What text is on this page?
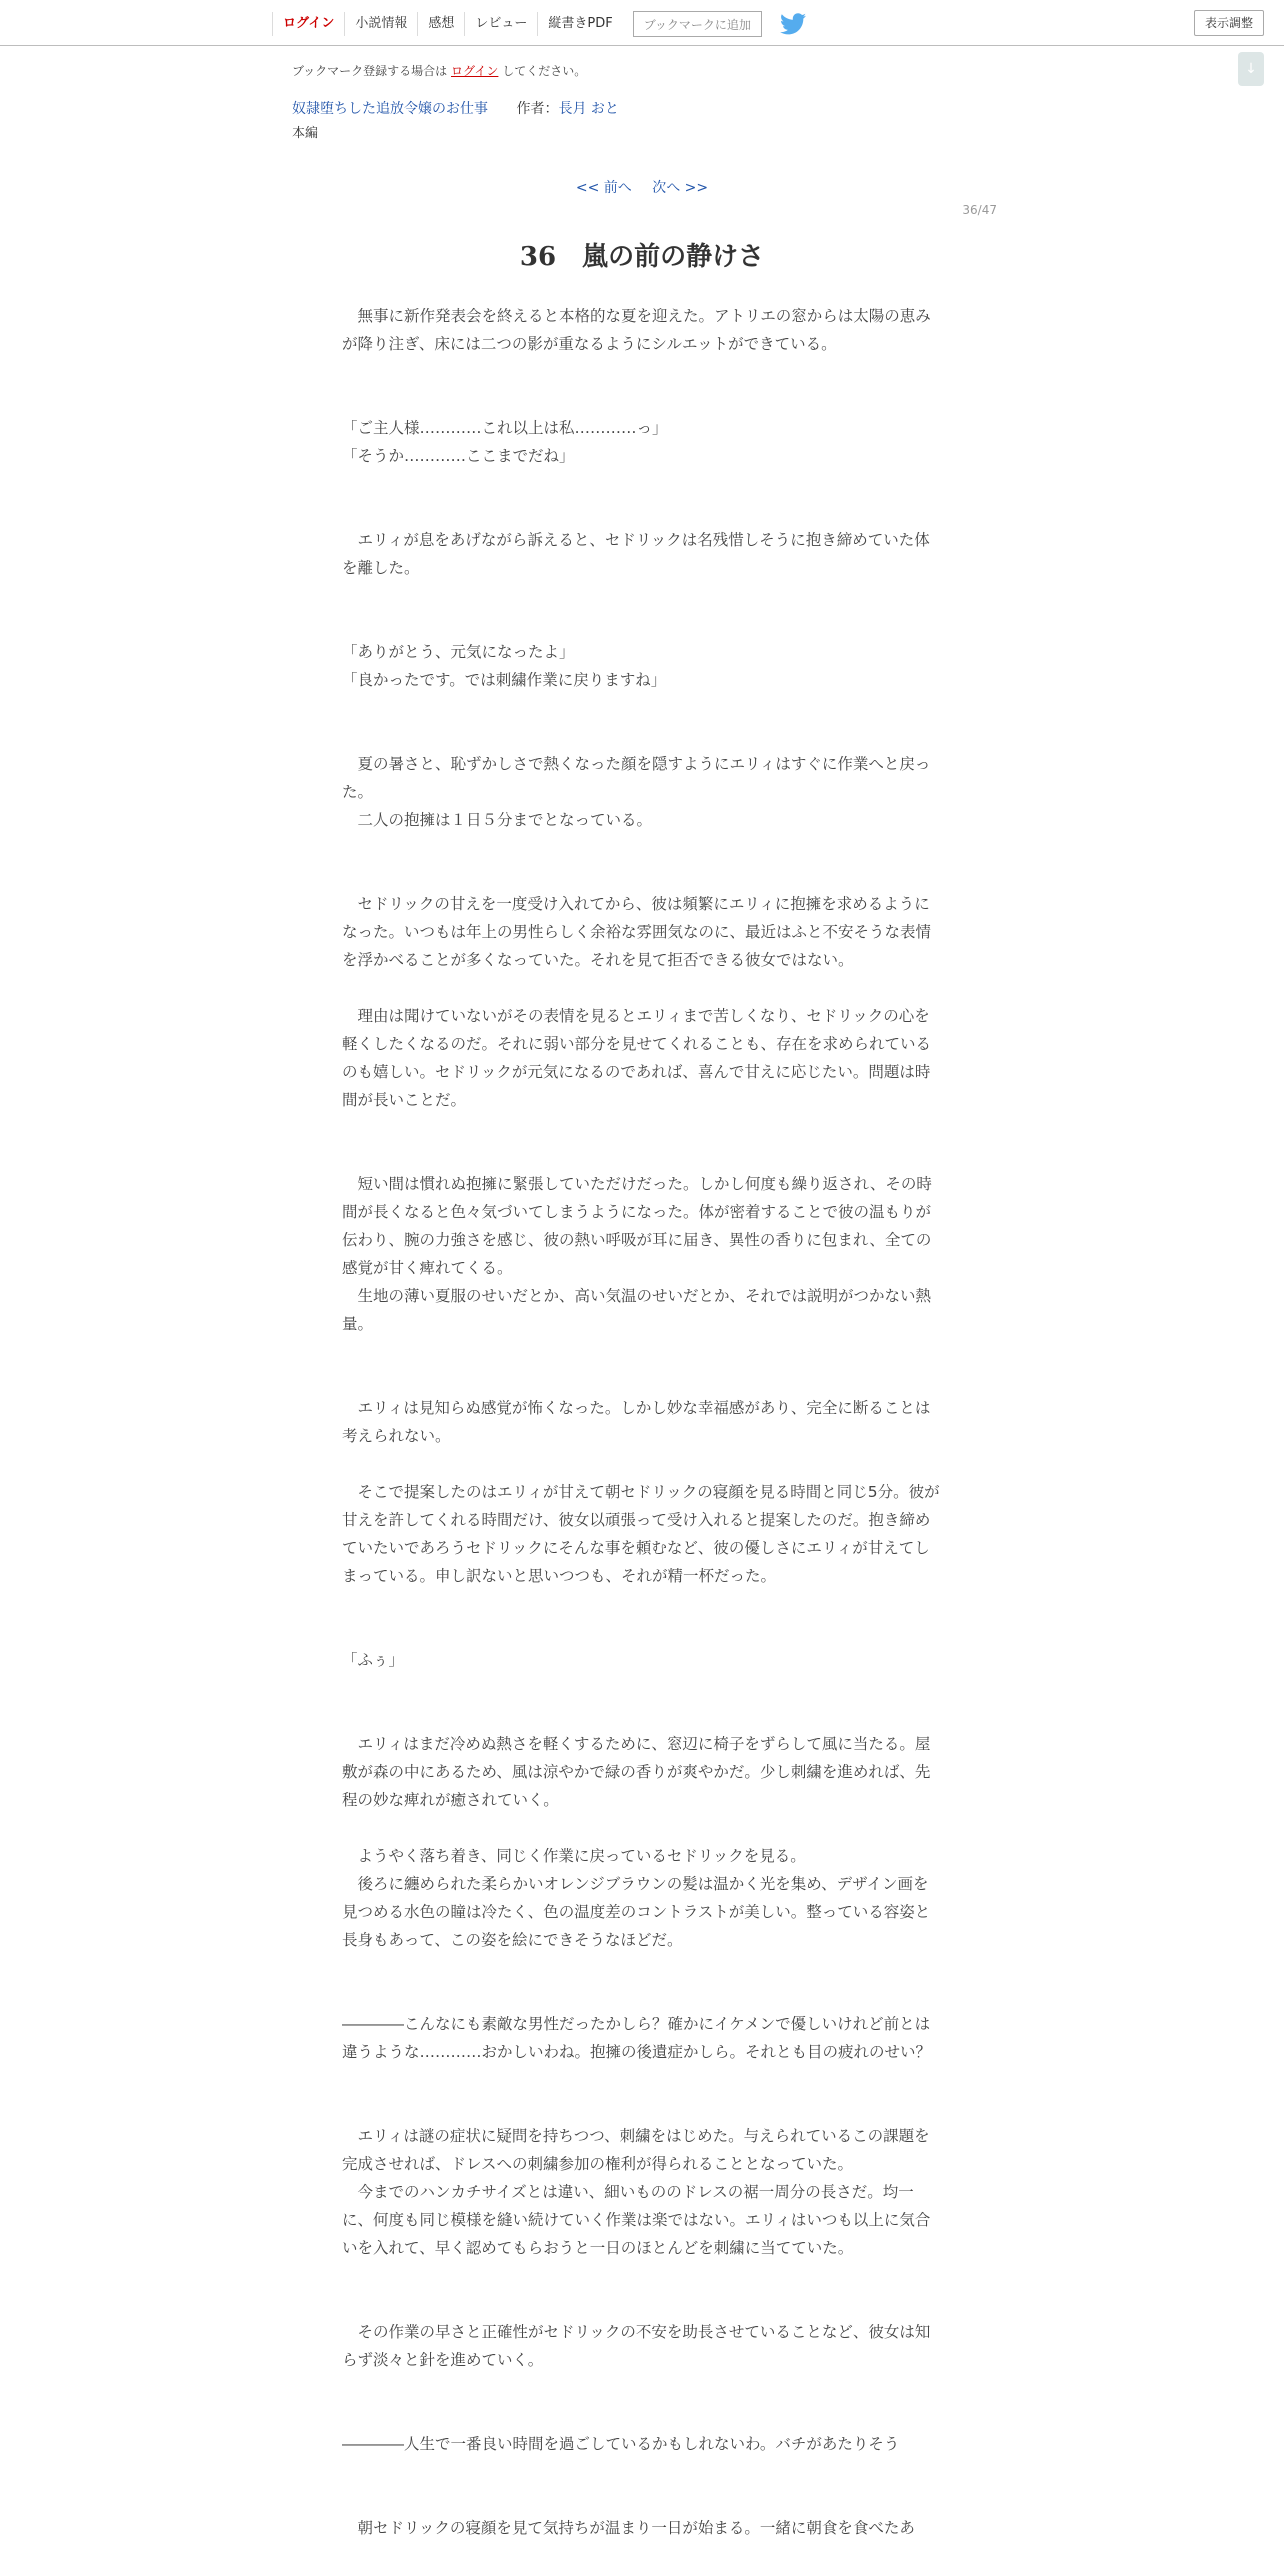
ログイン	小説情報	感想	レビュー	縦書きPDF	ブックマークに追加	表示調整
↓
ブックマーク登録する場合は ログイン してください。
奴隷堕ちした追放令嬢のお仕事 作者：長月 おと
本編
<< 前へ 次へ >>
36/47
36　嵐の前の静けさ

　無事に新作発表会を終えると本格的な夏を迎えた。アトリエの窓からは太陽の恵みが降り注ぎ、床には二つの影が重なるようにシルエットができている。

「ご主人様…………これ以上は私…………っ」
「そうか…………ここまでだね」

　エリィが息をあげながら訴えると、セドリックは名残惜しそうに抱き締めていた体を離した。

「ありがとう、元気になったよ」
「良かったです。では刺繍作業に戻りますね」

　夏の暑さと、恥ずかしさで熱くなった顔を隠すようにエリィはすぐに作業へと戻った。
　二人の抱擁は１日５分までとなっている。

　セドリックの甘えを一度受け入れてから、彼は頻繁にエリィに抱擁を求めるようになった。いつもは年上の男性らしく余裕な雰囲気なのに、最近はふと不安そうな表情を浮かべることが多くなっていた。それを見て拒否できる彼女ではない。

　理由は聞けていないがその表情を見るとエリィまで苦しくなり、セドリックの心を軽くしたくなるのだ。それに弱い部分を見せてくれることも、存在を求められているのも嬉しい。セドリックが元気になるのであれば、喜んで甘えに応じたい。問題は時間が長いことだ。

　短い間は慣れぬ抱擁に緊張していただけだった。しかし何度も繰り返され、その時間が長くなると色々気づいてしまうようになった。体が密着することで彼の温もりが伝わり、腕の力強さを感じ、彼の熱い呼吸が耳に届き、異性の香りに包まれ、全ての感覚が甘く痺れてくる。
　生地の薄い夏服のせいだとか、高い気温のせいだとか、それでは説明がつかない熱量。

　エリィは見知らぬ感覚が怖くなった。しかし妙な幸福感があり、完全に断ることは考えられない。

　そこで提案したのはエリィが甘えて朝セドリックの寝顔を見る時間と同じ5分。彼が甘えを許してくれる時間だけ、彼女以頑張って受け入れると提案したのだ。抱き締めていたいであろうセドリックにそんな事を頼むなど、彼の優しさにエリィが甘えてしまっている。申し訳ないと思いつつも、それが精一杯だった。

「ふぅ」

　エリィはまだ冷めぬ熱さを軽くするために、窓辺に椅子をずらして風に当たる。屋敷が森の中にあるため、風は涼やかで緑の香りが爽やかだ。少し刺繍を進めれば、先程の妙な痺れが癒されていく。

　ようやく落ち着き、同じく作業に戻っているセドリックを見る。
　後ろに纏められた柔らかいオレンジブラウンの髪は温かく光を集め、デザイン画を見つめる水色の瞳は冷たく、色の温度差のコントラストが美しい。整っている容姿と長身もあって、この姿を絵にできそうなほどだ。

――――こんなにも素敵な男性だったかしら？確かにイケメンで優しいけれど前とは違うような…………おかしいわね。抱擁の後遺症かしら。それとも目の疲れのせい？

　エリィは謎の症状に疑問を持ちつつ、刺繍をはじめた。与えられているこの課題を完成させれば、ドレスへの刺繍参加の権利が得られることとなっていた。
　今までのハンカチサイズとは違い、細いもののドレスの裾一周分の長さだ。均一に、何度も同じ模様を縫い続けていく作業は楽ではない。エリィはいつも以上に気合いを入れて、早く認めてもらおうと一日のほとんどを刺繍に当てていた。

　その作業の早さと正確性がセドリックの不安を助長させていることなど、彼女は知らず淡々と針を進めていく。

――――人生で一番良い時間を過ごしているかもしれないわ。バチがあたりそう

　朝セドリックの寝顔を見て気持ちが温まり一日が始まる。一緒に朝食を食べたあ
